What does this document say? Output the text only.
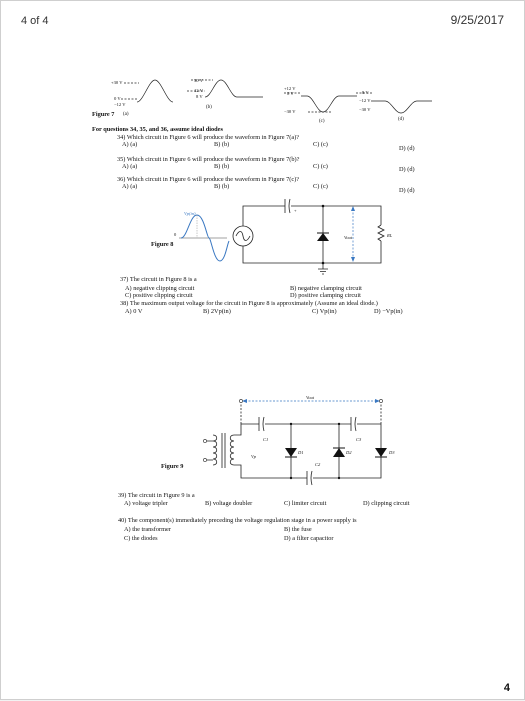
4 of 4	9/25/2017
+30 V
0 V
−12 V
30 V
12 V
8 V
+12 V
8 V
−30 V
8 V
−12 V
−30 V
Figure 7 (a)
(b)
(c)	(d)
For questions 34, 35, and 36, assume ideal diodes
34) Which circuit in Figure 6 will produce the waveform in Figure 7(a)?
A) (a)	B) (b)	C) (c)
D) (d)
35) Which circuit in Figure 6 will produce the waveform in Figure 7(b)?
A) (a)	B) (b)	C) (c)	D) (d)
36) Which circuit in Figure 6 will produce the waveform in Figure 7(c)?
A) (a)	B) (b)	C) (c)
D) (d)
Vp(in)
0
+
Vout	RL
Figure 8
37) The circuit in Figure 8 is a
A) negative clipping circuit	B) negative clamping circuit
C) positive clipping circuit	D) positive clamping circuit
38) The maximum output voltage for the circuit in Figure 8 is approximately (Assume an ideal diode.)
A) 0 V	B) 2Vp(in)	C) Vp(in)	D) −Vp(in)
Vout
Vp
C1
C2
C3
D1	D2	D3
Figure 9
39) The circuit in Figure 9 is a
A) voltage tripler	B) voltage doubler	C) limiter circuit	D) clipping circuit
40) The component(s) immediately preceding the voltage regulation stage in a power supply is
A) the transformer	B) the fuse
C) the diodes	D) a filter capacitor
4
